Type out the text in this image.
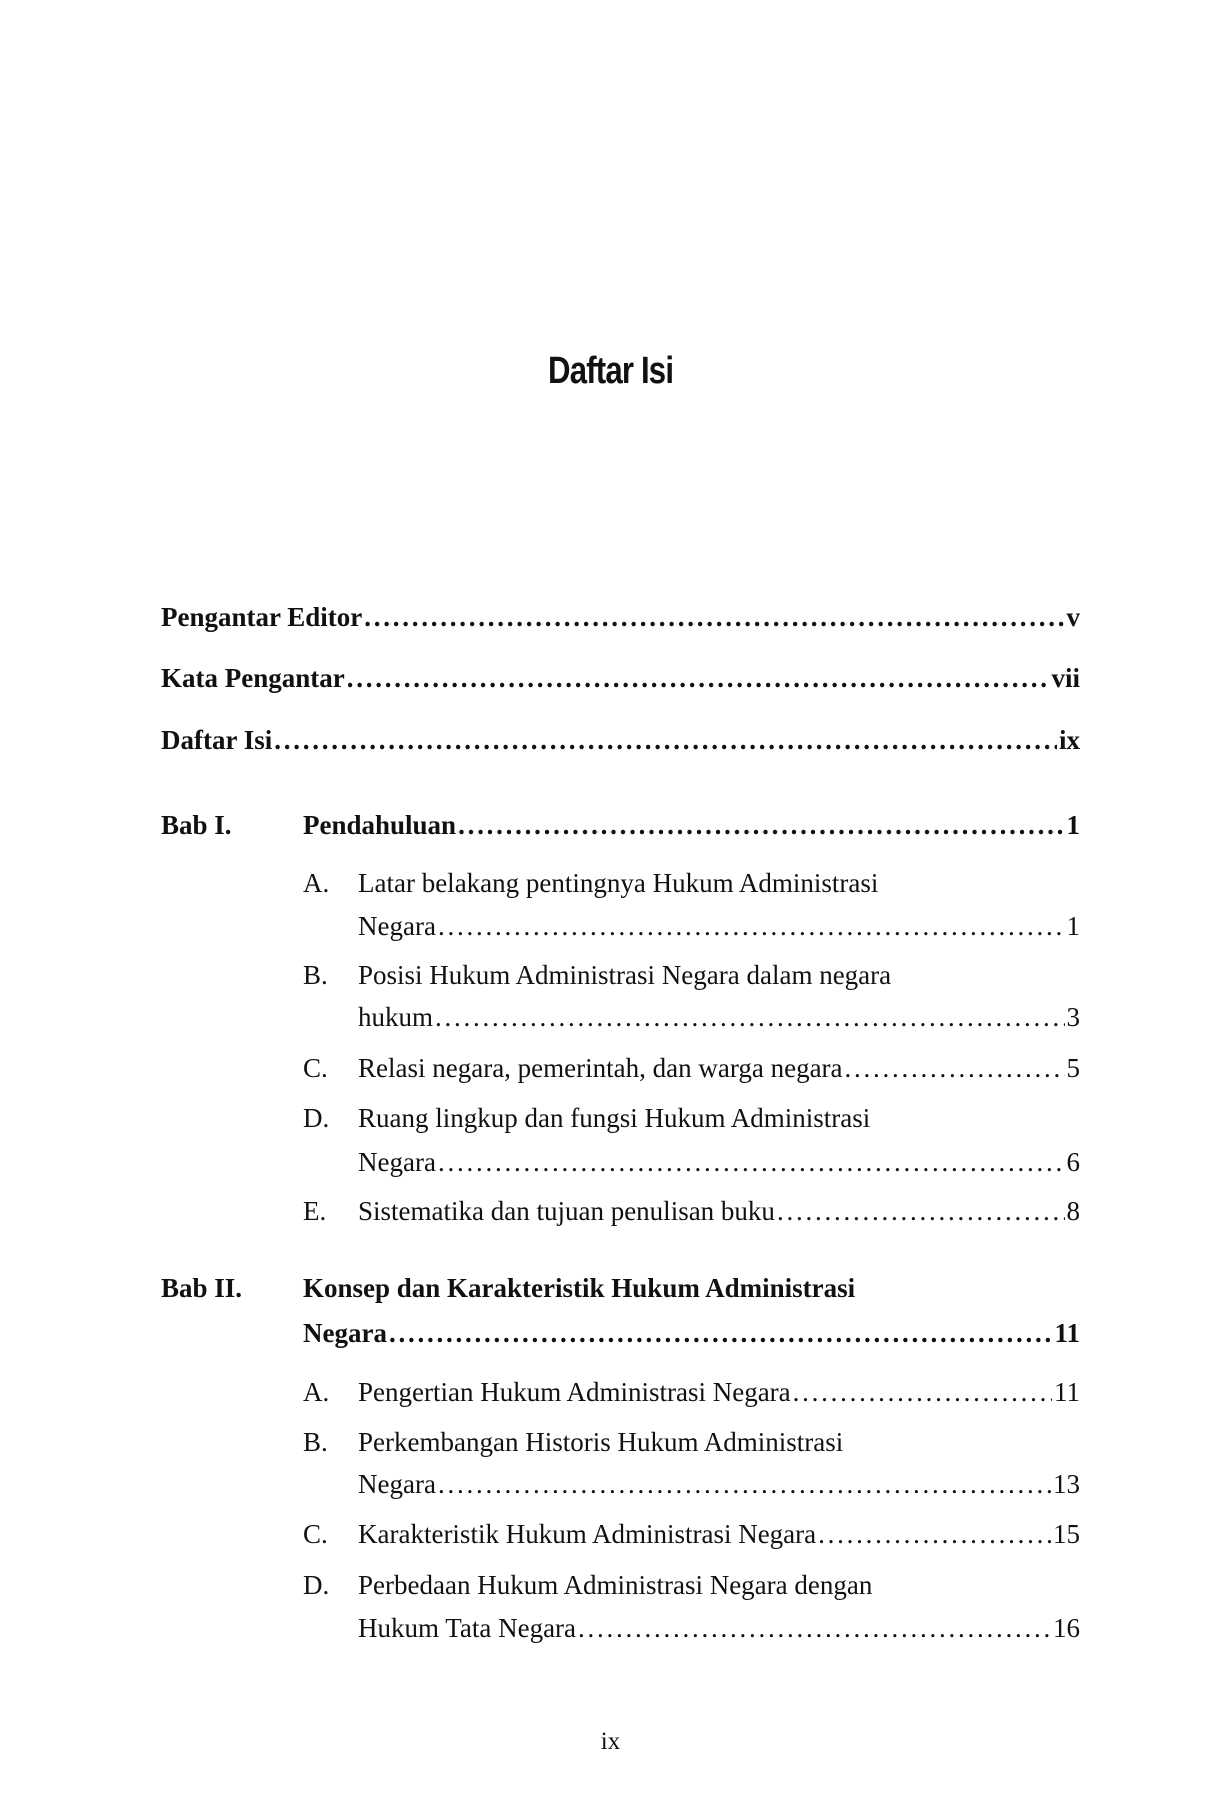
Daftar Isi
Pengantar Editor . . .	v
Kata Pengantar . . .	vii
Daftar Isi . . .	ix
Bab I.	Pendahuluan . . .	1
A. Latar belakang pentingnya Hukum Administrasi
Negara . . .	1
B. Posisi Hukum Administrasi Negara dalam negara
hukum . . .	3
C. Relasi negara, pemerintah, dan warga negara . . .	5
D. Ruang lingkup dan fungsi Hukum Administrasi
Negara . . .	6
E. Sistematika dan tujuan penulisan buku . . .	8
Bab II. Konsep dan Karakteristik Hukum Administrasi
Negara . . .	11
A. Pengertian Hukum Administrasi Negara . . .	11
B. Perkembangan Historis Hukum Administrasi
Negara . . .	13
C. Karakteristik Hukum Administrasi Negara . . .	15
D. Perbedaan Hukum Administrasi Negara dengan
Hukum Tata Negara . . .	16
ix
